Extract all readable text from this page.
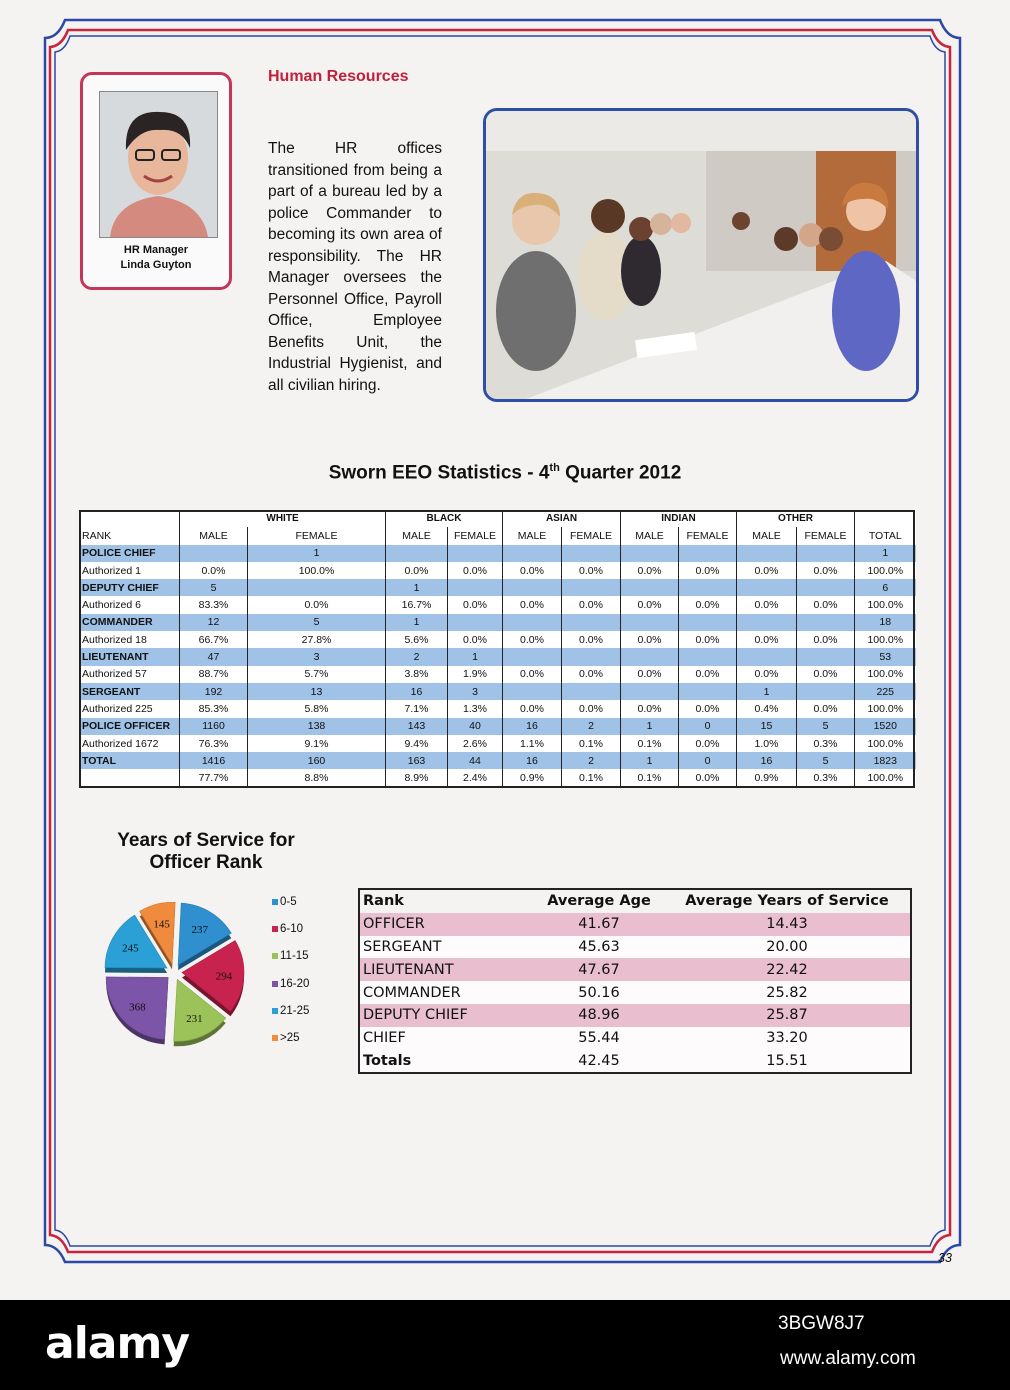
HR Manager
Linda Guyton
Human Resources
The HR offices transitioned from being a part of a bureau led by a police Commander to becoming its own area of responsibility. The HR Manager oversees the Personnel Office, Payroll Office, Employee Benefits Unit, the Industrial Hygienist, and all civilian hiring.
Sworn EEO Statistics - 4th Quarter 2012
	WHITE		BLACK		ASIAN		INDIAN		OTHER		
RANK	MALE	FEMALE	MALE	FEMALE	MALE	FEMALE	MALE	FEMALE	MALE	FEMALE	TOTAL
POLICE CHIEF		1									1
Authorized 1	0.0%	100.0%	0.0%	0.0%	0.0%	0.0%	0.0%	0.0%	0.0%	0.0%	100.0%
DEPUTY CHIEF	5		1								6
Authorized 6	83.3%	0.0%	16.7%	0.0%	0.0%	0.0%	0.0%	0.0%	0.0%	0.0%	100.0%
COMMANDER	12	5	1								18
Authorized 18	66.7%	27.8%	5.6%	0.0%	0.0%	0.0%	0.0%	0.0%	0.0%	0.0%	100.0%
LIEUTENANT	47	3	2	1							53
Authorized 57	88.7%	5.7%	3.8%	1.9%	0.0%	0.0%	0.0%	0.0%	0.0%	0.0%	100.0%
SERGEANT	192	13	16	3					1		225
Authorized 225	85.3%	5.8%	7.1%	1.3%	0.0%	0.0%	0.0%	0.0%	0.4%	0.0%	100.0%
POLICE OFFICER	1160	138	143	40	16	2	1	0	15	5	1520
Authorized 1672	76.3%	9.1%	9.4%	2.6%	1.1%	0.1%	0.1%	0.0%	1.0%	0.3%	100.0%
TOTAL	1416	160	163	44	16	2	1	0	16	5	1823
	77.7%	8.8%	8.9%	2.4%	0.9%	0.1%	0.1%	0.0%	0.9%	0.3%	100.0%
Years of Service for
Officer Rank
237
294
231
368
245
145
0-5
6-10
11-15
16-20
21-25
>25
Rank	Average Age	Average Years of Service
OFFICER	41.67	14.43
SERGEANT	45.63	20.00
LIEUTENANT	47.67	22.42
COMMANDER	50.16	25.82
DEPUTY CHIEF	48.96	25.87
CHIEF	55.44	33.20
Totals	42.45	15.51
33
alamy	3BGW8J7
www.alamy.com
